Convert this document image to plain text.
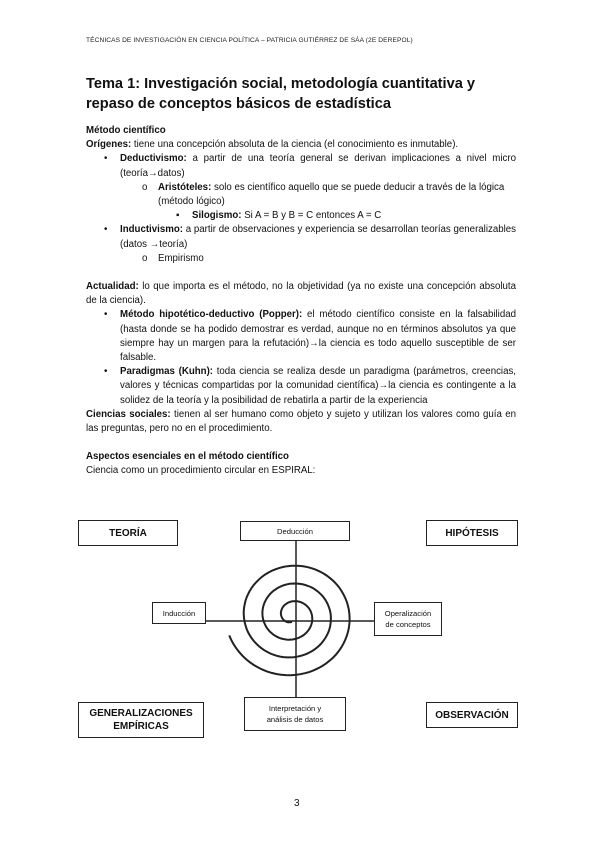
TÉCNICAS DE INVESTIGACIÓN EN CIENCIA POLÍTICA – PATRICIA GUTIÉRREZ DE SÁA (2E DEREPOL)
Tema 1: Investigación social, metodología cuantitativa y repaso de conceptos básicos de estadística

Método científico

Orígenes: tiene una concepción absoluta de la ciencia (el conocimiento es inmutable).

•	Deductivismo: a partir de una teoría general se derivan implicaciones a nivel micro (teoría→datos)
o	Aristóteles: solo es científico aquello que se puede deducir a través de la lógica (método lógico)
▪	Silogismo: Si A = B y B = C entonces A = C
•	Inductivismo: a partir de observaciones y experiencia se desarrollan teorías generalizables (datos →teoría)
o	Empirismo

Actualidad: lo que importa es el método, no la objetividad (ya no existe una concepción absoluta de la ciencia).

•	Método hipotético-deductivo (Popper): el método científico consiste en la falsabilidad (hasta donde se ha podido demostrar es verdad, aunque no en términos absolutos ya que siempre hay un margen para la refutación)→la ciencia es todo aquello susceptible de ser falsable.
•	Paradigmas (Kuhn): toda ciencia se realiza desde un paradigma (parámetros, creencias, valores y técnicas compartidas por la comunidad científica)→la ciencia es contingente a la solidez de la teoría y la posibilidad de rebatirla a partir de la experiencia

Ciencias sociales: tienen al ser humano como objeto y sujeto y utilizan los valores como guía en las preguntas, pero no en el procedimiento.

Aspectos esenciales en el método científico

Ciencia como un procedimiento circular en ESPIRAL:

TEORÍA	HIPÓTESIS
GENERALIZACIONES
EMPÍRICAS
OBSERVACIÓN
Deducción
Inducción	Operalización
de conceptos
Interpretación y
análisis de datos
3
